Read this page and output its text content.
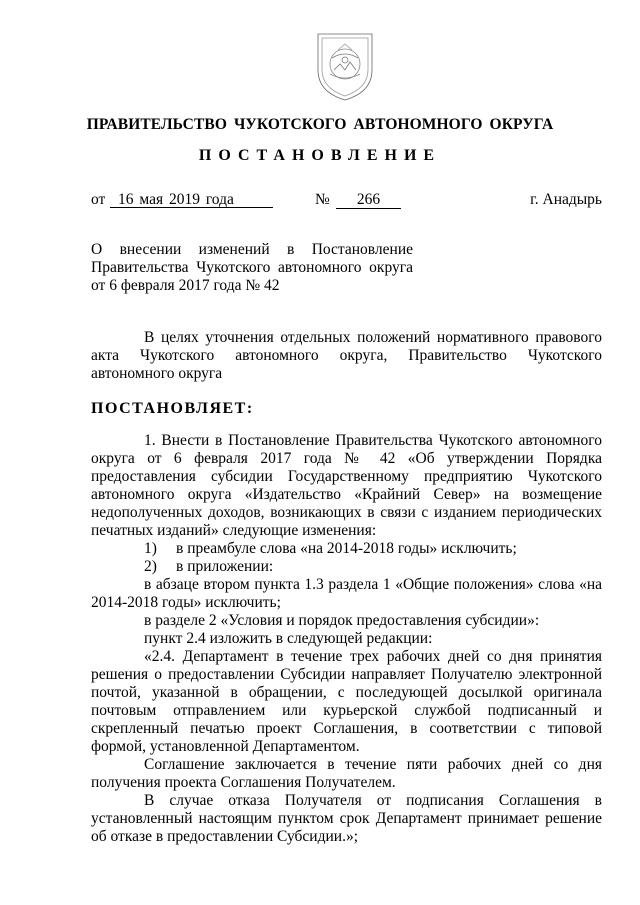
ПРАВИТЕЛЬСТВО ЧУКОТСКОГО АВТОНОМНОГО ОКРУГА
ПОСТАНОВЛЕНИЕ
от 16 мая 2019 года	№	266	г. Анадырь
О внесении изменений в Постановление
Правительства Чукотского автономного округа
от 6 февраля 2017 года № 42

В целях уточнения отдельных положений нормативного правового акта Чукотского автономного округа, Правительство Чукотского автономного округа

ПОСТАНОВЛЯЕТ:

1. Внести в Постановление Правительства Чукотского автономного округа от 6 февраля 2017 года № 42 «Об утверждении Порядка предоставления субсидии Государственному предприятию Чукотского автономного округа «Издательство «Крайний Север» на возмещение недополученных доходов, возникающих в связи с изданием периодических печатных изданий» следующие изменения:

1) в преамбуле слова «на 2014-2018 годы» исключить;

2) в приложении:

в абзаце втором пункта 1.3 раздела 1 «Общие положения» слова «на 2014-2018 годы» исключить;

в разделе 2 «Условия и порядок предоставления субсидии»:

пункт 2.4 изложить в следующей редакции:

«2.4. Департамент в течение трех рабочих дней со дня принятия решения о предоставлении Субсидии направляет Получателю электронной почтой, указанной в обращении, с последующей досылкой оригинала почтовым отправлением или курьерской службой подписанный и скрепленный печатью проект Соглашения, в соответствии с типовой формой, установленной Департаментом.

Соглашение заключается в течение пяти рабочих дней со дня получения проекта Соглашения Получателем.

В случае отказа Получателя от подписания Соглашения в установленный настоящим пунктом срок Департамент принимает решение об отказе в предоставлении Субсидии.»;
